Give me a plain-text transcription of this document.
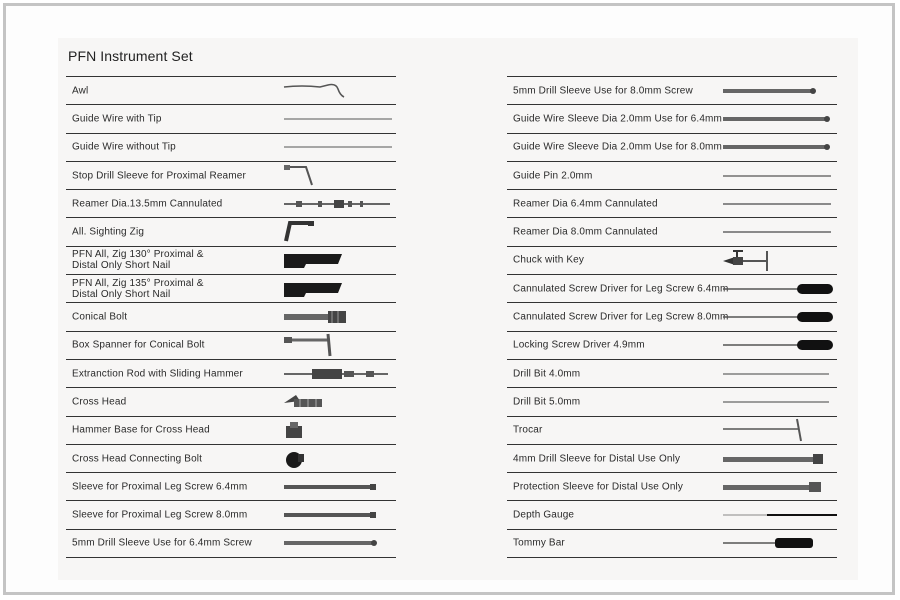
PFN Instrument Set
Awl
Guide Wire with Tip
Guide Wire without Tip
Stop Drill Sleeve for Proximal Reamer
Reamer Dia.13.5mm Cannulated
All. Sighting Zig
PFN All, Zig 130° Proximal &
Distal Only Short Nail
PFN All, Zig 135° Proximal &
Distal Only Short Nail
Conical Bolt
Box Spanner for Conical Bolt
Extranction Rod with Sliding Hammer
Cross Head
Hammer Base for Cross Head
Cross Head Connecting Bolt
Sleeve for Proximal Leg Screw 6.4mm
Sleeve for Proximal Leg Screw 8.0mm
5mm Drill Sleeve Use for 6.4mm Screw
5mm Drill Sleeve Use for 8.0mm Screw
Guide Wire Sleeve Dia 2.0mm Use for 6.4mm
Guide Wire Sleeve Dia 2.0mm Use for 8.0mm
Guide Pin 2.0mm
Reamer Dia 6.4mm Cannulated
Reamer Dia 8.0mm Cannulated
Chuck with Key
Cannulated Screw Driver for Leg Screw 6.4mm
Cannulated Screw Driver for Leg Screw 8.0mm
Locking Screw Driver 4.9mm
Drill Bit 4.0mm
Drill Bit 5.0mm
Trocar
4mm Drill Sleeve for Distal Use Only
Protection Sleeve for Distal Use Only
Depth Gauge
Tommy Bar
